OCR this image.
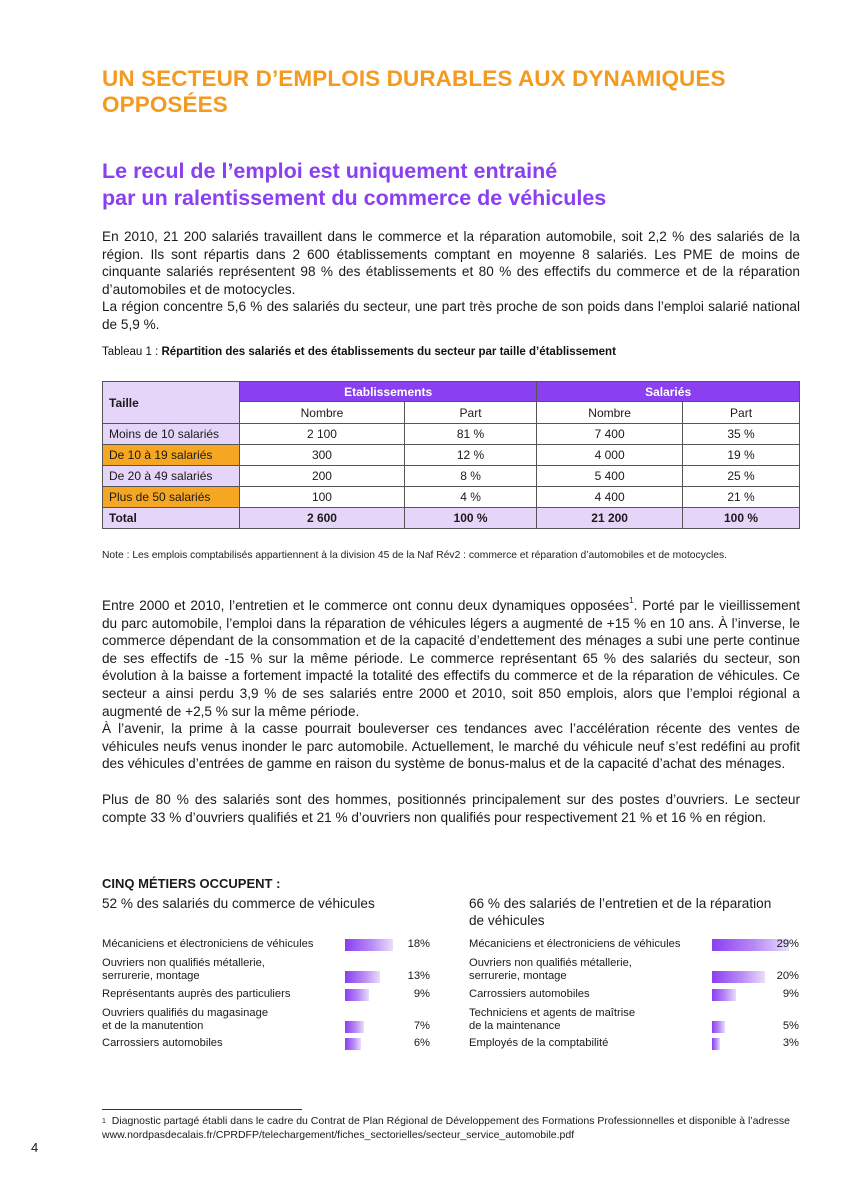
UN SECTEUR D’EMPLOIS DURABLES AUX DYNAMIQUES OPPOSÉES
Le recul de l’emploi est uniquement entrainé
par un ralentissement du commerce de véhicules

En 2010, 21 200 salariés travaillent dans le commerce et la réparation automobile, soit 2,2 % des salariés de la région. Ils sont répartis dans 2 600 établissements comptant en moyenne 8 salariés. Les PME de moins de cinquante salariés représentent 98 % des établissements et 80 % des effectifs du commerce et de la réparation d’automobiles et de motocycles.

La région concentre 5,6 % des salariés du secteur, une part très proche de son poids dans l’emploi salarié national de 5,9 %.

Tableau 1 : Répartition des salariés et des établissements du secteur par taille d’établissement
Taille	Etablissements		Salariés	
	Nombre	Part	Nombre	Part
Moins de 10 salariés	2 100	81 %	7 400	35 %
De 10 à 19 salariés	300	12 %	4 000	19 %
De 20 à 49 salariés	200	8 %	5 400	25 %
Plus de 50 salariés	100	4 %	4 400	21 %
Total	2 600	100 %	21 200	100 %
Note : Les emplois comptabilisés appartiennent à la division 45 de la Naf Rév2 : commerce et réparation d’automobiles et de motocycles.

Entre 2000 et 2010, l’entretien et le commerce ont connu deux dynamiques opposées$^1$. Porté par le vieillissement du parc automobile, l’emploi dans la réparation de véhicules légers a augmenté de +15 % en 10 ans. À l’inverse, le commerce dépendant de la consommation et de la capacité d’endettement des ménages a subi une perte continue de ses effectifs de -15 % sur la même période. Le commerce représentant 65 % des salariés du secteur, son évolution à la baisse a fortement impacté la totalité des effectifs du commerce et de la réparation de véhicules. Ce secteur a ainsi perdu 3,9 % de ses salariés entre 2000 et 2010, soit 850 emplois, alors que l’emploi régional a augmenté de +2,5 % sur la même période.

À l’avenir, la prime à la casse pourrait bouleverser ces tendances avec l’accélération récente des ventes de véhicules neufs venus inonder le parc automobile. Actuellement, le marché du véhicule neuf s’est redéfini au profit des véhicules d’entrées de gamme en raison du système de bonus-malus et de la capacité d’achat des ménages.

Plus de 80 % des salariés sont des hommes, positionnés principalement sur des postes d’ouvriers. Le secteur compte 33 % d’ouvriers qualifiés et 21 % d’ouvriers non qualifiés pour respectivement 21 % et 16 % en région.

CINQ MÉTIERS OCCUPENT :
52 % des salariés du commerce de véhicules	66 % des salariés de l’entretien et de la réparation
de véhicules
Mécaniciens et électroniciens de véhicules	18%
Ouvriers non qualifiés métallerie,
serrurerie, montage	13%
Représentants auprès des particuliers	9%
Ouvriers qualifiés du magasinage
et de la manutention	7%
Carrossiers automobiles	6%
Mécaniciens et électroniciens de véhicules	29%
Ouvriers non qualifiés métallerie,
serrurerie, montage	20%
Carrossiers automobiles	9%
Techniciens et agents de maîtrise
de la maintenance	5%
Employés de la comptabilité	3%
$^1$ Diagnostic partagé établi dans le cadre du Contrat de Plan Régional de Développement des Formations Professionnelles et disponible à l’adresse www.nordpasdecalais.fr/CPRDFP/telechargement/fiches_sectorielles/secteur_service_automobile.pdf
4
